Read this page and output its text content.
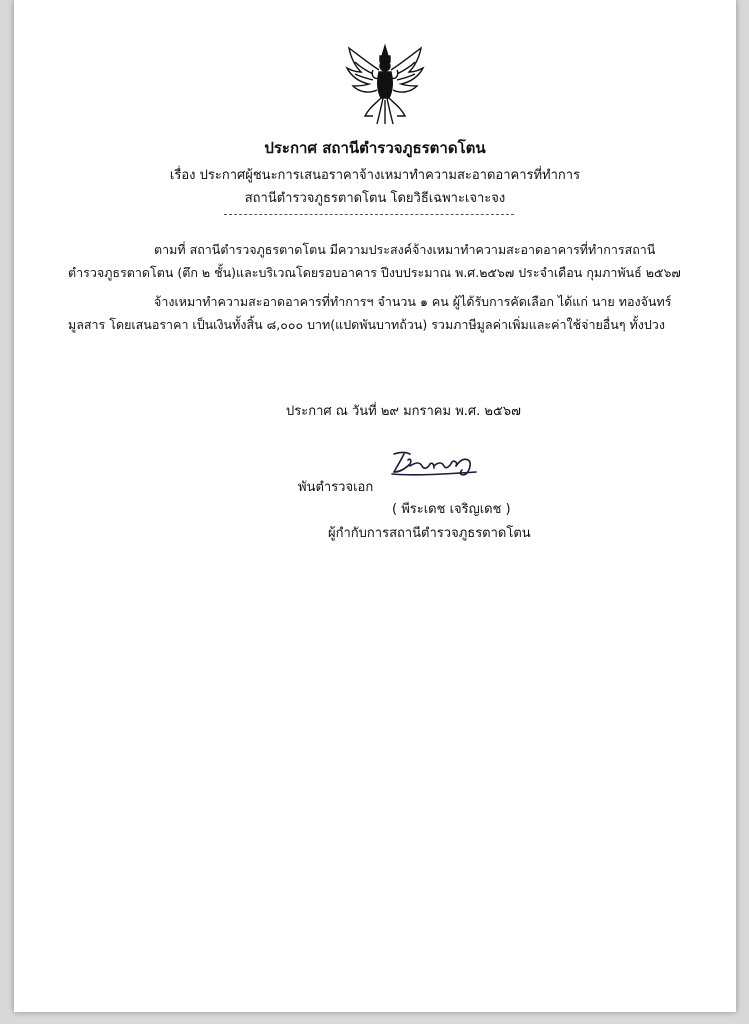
ประกาศ สถานีตำรวจภูธรตาดโตน
เรื่อง ประกาศผู้ชนะการเสนอราคาจ้างเหมาทำความสะอาดอาคารที่ทำการ
สถานีตำรวจภูธรตาดโตน โดยวิธีเฉพาะเจาะจง

ตามที่ สถานีตำรวจภูธรตาดโตน มีความประสงค์จ้างเหมาทำความสะอาดอาคารที่ทำการสถานีตำรวจภูธรตาดโตน (ตึก ๒ ชั้น)และบริเวณโดยรอบอาคาร ปีงบประมาณ พ.ศ.๒๕๖๗ ประจำเดือน กุมภาพันธ์ ๒๕๖๗

จ้างเหมาทำความสะอาดอาคารที่ทำการฯ จำนวน ๑ คน ผู้ได้รับการคัดเลือก ได้แก่ นาย ทองจันทร์ มูลสาร โดยเสนอราคา เป็นเงินทั้งสิ้น ๘,๐๐๐ บาท(แปดพันบาทถ้วน) รวมภาษีมูลค่าเพิ่มและค่าใช้จ่ายอื่นๆ ทั้งปวง

ประกาศ ณ วันที่ ๒๙ มกราคม พ.ศ. ๒๕๖๗
พันตำรวจเอก
( พีระเดช เจริญเดช )
ผู้กำกับการสถานีตำรวจภูธรตาดโตน
